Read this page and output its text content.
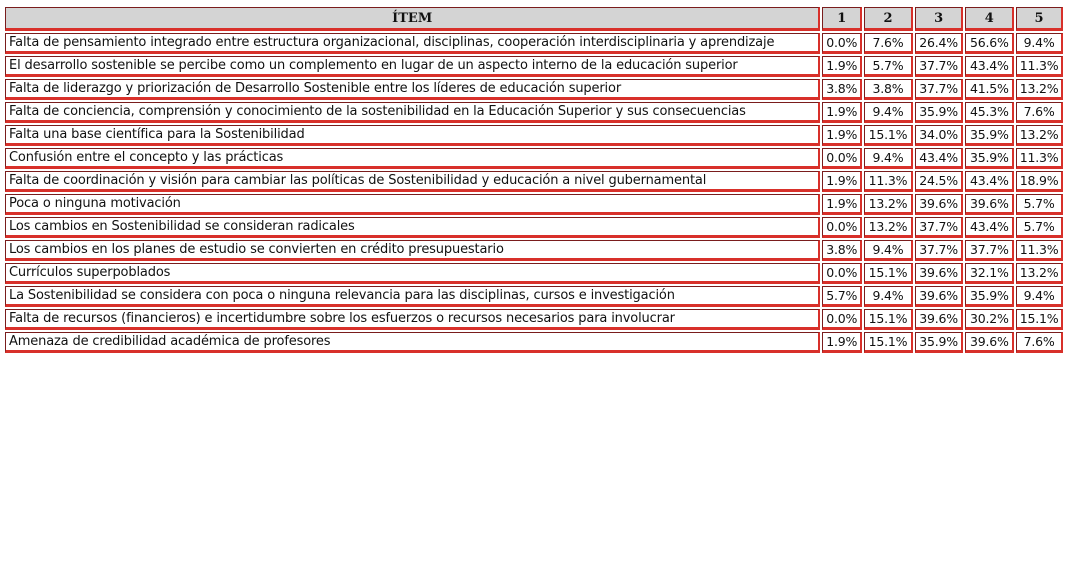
ÍTEM	1	2	3	4	5
Falta de pensamiento integrado entre estructura organizacional, disciplinas, cooperación interdisciplinaria y aprendizaje	0.0%	7.6%	26.4%	56.6%	9.4%
El desarrollo sostenible se percibe como un complemento en lugar de un aspecto interno de la educación superior	1.9%	5.7%	37.7%	43.4%	11.3%
Falta de liderazgo y priorización de Desarrollo Sostenible entre los líderes de educación superior	3.8%	3.8%	37.7%	41.5%	13.2%
Falta de conciencia, comprensión y conocimiento de la sostenibilidad en la Educación Superior y sus consecuencias	1.9%	9.4%	35.9%	45.3%	7.6%
Falta una base científica para la Sostenibilidad	1.9%	15.1%	34.0%	35.9%	13.2%
Confusión entre el concepto y las prácticas	0.0%	9.4%	43.4%	35.9%	11.3%
Falta de coordinación y visión para cambiar las políticas de Sostenibilidad y educación a nivel gubernamental	1.9%	11.3%	24.5%	43.4%	18.9%
Poca o ninguna motivación	1.9%	13.2%	39.6%	39.6%	5.7%
Los cambios en Sostenibilidad se consideran radicales	0.0%	13.2%	37.7%	43.4%	5.7%
Los cambios en los planes de estudio se convierten en crédito presupuestario	3.8%	9.4%	37.7%	37.7%	11.3%
Currículos superpoblados	0.0%	15.1%	39.6%	32.1%	13.2%
La Sostenibilidad se considera con poca o ninguna relevancia para las disciplinas, cursos e investigación	5.7%	9.4%	39.6%	35.9%	9.4%
Falta de recursos (financieros) e incertidumbre sobre los esfuerzos o recursos necesarios para involucrar	0.0%	15.1%	39.6%	30.2%	15.1%
Amenaza de credibilidad académica de profesores	1.9%	15.1%	35.9%	39.6%	7.6%
